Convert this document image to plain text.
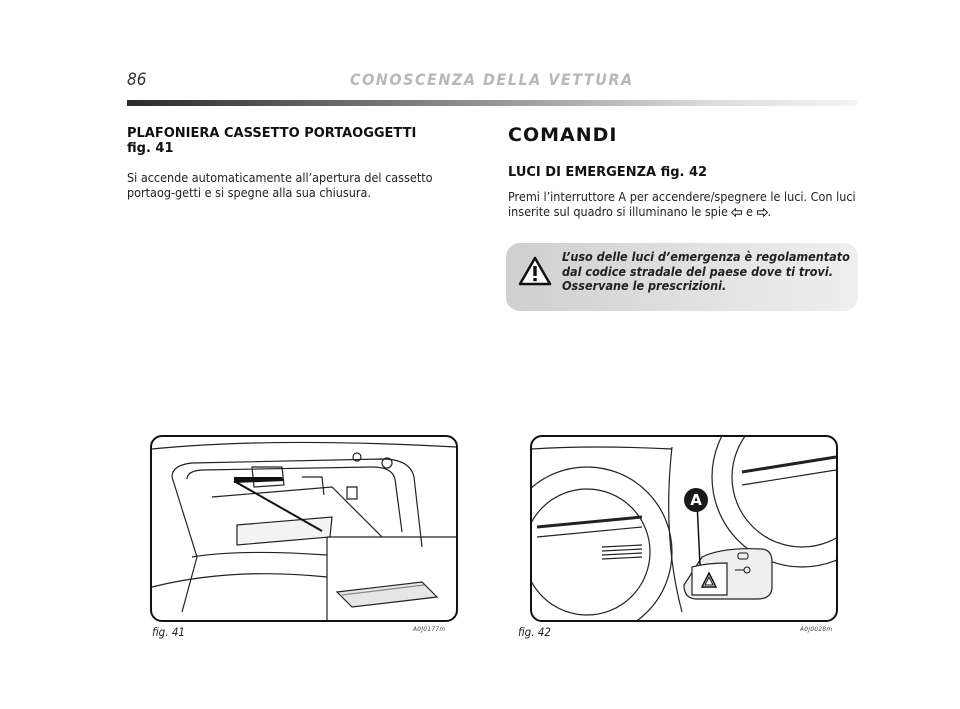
86	CONOSCENZA DELLA VETTURA
PLAFONIERA CASSETTO PORTAOGGETTI
fig. 41
Si accende automaticamente all’apertura del cassetto portaog-getti e si spegne alla sua chiusura.
COMANDI
LUCI DI EMERGENZA fig. 42
Premi l’interruttore A per accendere/spegnere le luci. Con luci inserite sul quadro si illuminano le spie  e .
L’uso delle luci d’emergenza è regolamentato dal codice stradale del paese dove ti trovi. Osservane le prescrizioni.
fig. 41	A0J0177m
A
fig. 42	A0J0028m
